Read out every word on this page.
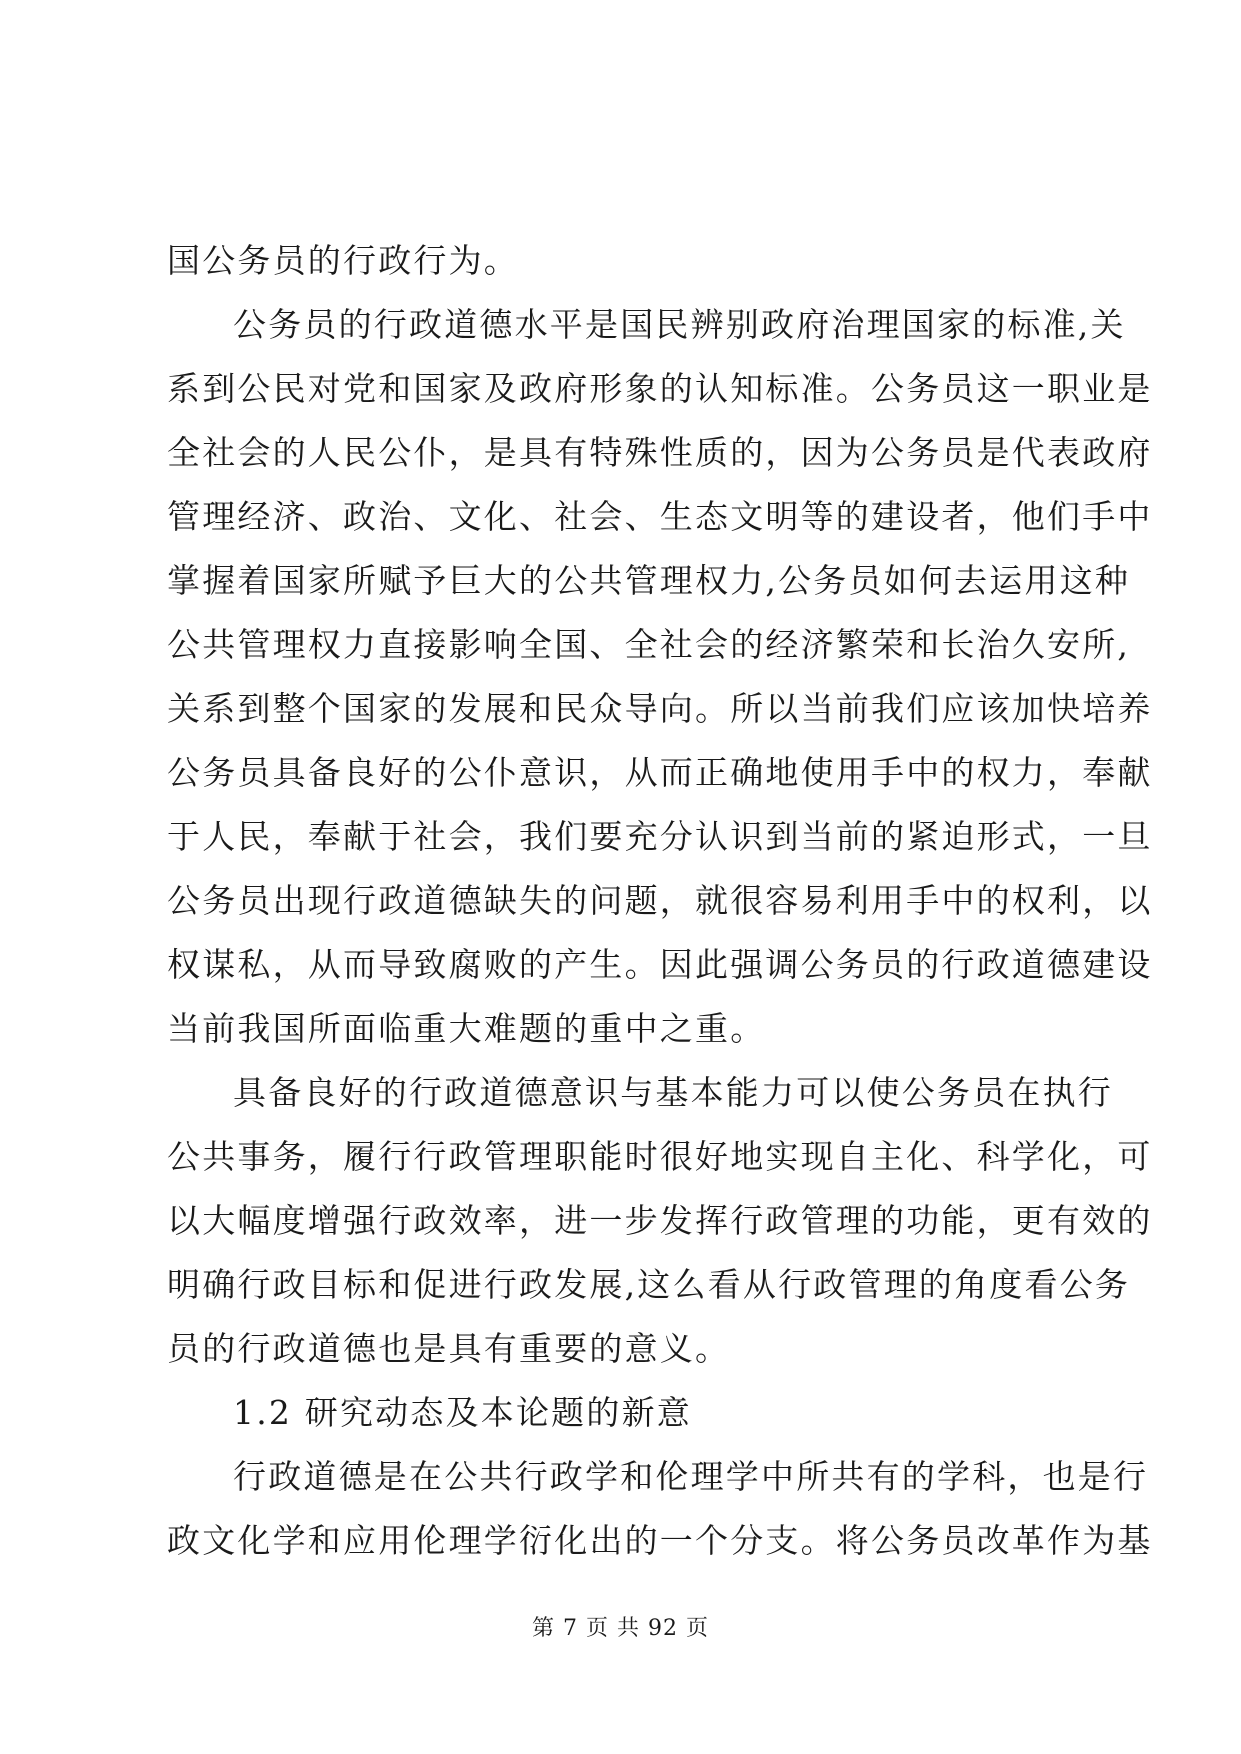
国公务员的行政行为。
公务员的行政道德水平是国民辨别政府治理国家的标准,关
系到公民对党和国家及政府形象的认知标准。公务员这一职业是
全社会的人民公仆，是具有特殊性质的，因为公务员是代表政府
管理经济、政治、文化、社会、生态文明等的建设者，他们手中
掌握着国家所赋予巨大的公共管理权力,公务员如何去运用这种
公共管理权力直接影响全国、全社会的经济繁荣和长治久安所,
关系到整个国家的发展和民众导向。所以当前我们应该加快培养
公务员具备良好的公仆意识，从而正确地使用手中的权力，奉献
于人民，奉献于社会，我们要充分认识到当前的紧迫形式，一旦
公务员出现行政道德缺失的问题，就很容易利用手中的权利，以
权谋私，从而导致腐败的产生。因此强调公务员的行政道德建设
当前我国所面临重大难题的重中之重。
具备良好的行政道德意识与基本能力可以使公务员在执行
公共事务，履行行政管理职能时很好地实现自主化、科学化，可
以大幅度增强行政效率，进一步发挥行政管理的功能，更有效的
明确行政目标和促进行政发展,这么看从行政管理的角度看公务
员的行政道德也是具有重要的意义。
1.2 研究动态及本论题的新意
行政道德是在公共行政学和伦理学中所共有的学科，也是行
政文化学和应用伦理学衍化出的一个分支。将公务员改革作为基
第 7 页 共 92 页
